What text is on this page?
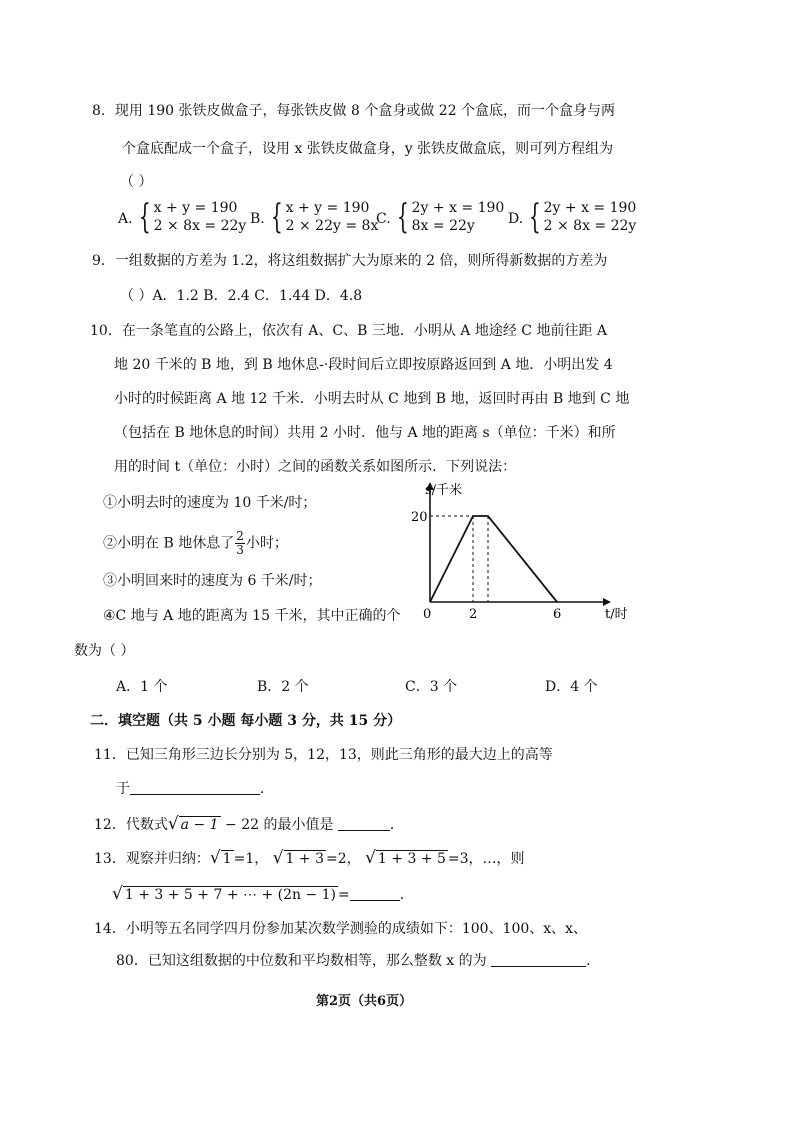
8．现用 190 张铁皮做盒子，每张铁皮做 8 个盒身或做 22 个盒底，而一个盒身与两
个盒底配成一个盒子，设用 x 张铁皮做盒身，y 张铁皮做盒底，则可列方程组为
（ ）
A. { x + y = 190
2 × 8x = 22y B. { x + y = 190
2 × 22y = 8x
C. { 2y + x = 190
8x = 22y	D. { 2y + x = 190
2 × 8x = 22y
9．一组数据的方差为 1.2，将这组数据扩大为原来的 2 倍，则所得新数据的方差为
（ ）A．1.2 B．2.4 C．1.44 D．4.8
10．在一条笔直的公路上，依次有 A、C、B 三地．小明从 A 地途经 C 地前往距 A
地 20 千米的 B 地，到 B 地休息-·段时间后立即按原路返回到 A 地．小明出发 4
小时的时候距离 A 地 12 千米．小明去时从 C 地到 B 地，返回时再由 B 地到 C 地
（包括在 B 地休息的时间）共用 2 小时．他与 A 地的距离 s（单位：千米）和所
用的时间 t（单位：小时）之间的函数关系如图所示．下列说法：
①小明去时的速度为 10 千米/时；
②小明在 B 地休息了 $\frac{2}{3}$ 小时；
③小明回来时的速度为 6 千米/时；
④C 地与 A 地的距离为 15 千米，其中正确的个
数为（ ）
s/千米
20
0	2	6	t/时
A．1 个	B．2 个	C．3 个	D．4 个
二．填空题（共 5 小题 每小题 3 分，共 15 分）
11．已知三角形三边长分别为 5，12，13，则此三角形的最大边上的高等
于	．
12．代数式√ a − 1 − 22 的最小值是	．
13．观察并归纳：√ 1 =1， √ 1 + 3 =2， √ 1 + 3 + 5 =3，…，则
√ 1 + 3 + 5 + 7 + ⋯ + (2n − 1) =	．
14．小明等五名同学四月份参加某次数学测验的成绩如下：100、100、x、x、
80．已知这组数据的中位数和平均数相等，那么整数 x 的为	．
第2页（共6页）
